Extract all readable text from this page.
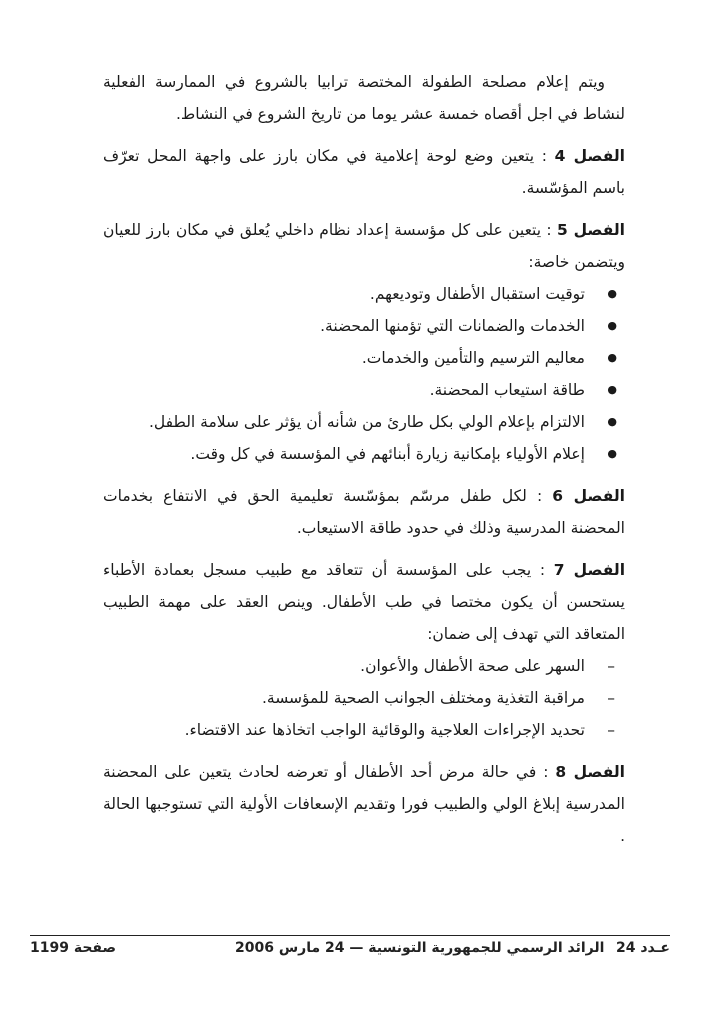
ويتم إعلام مصلحة الطفولة المختصة ترابيا بالشروع في الممارسة الفعلية لنشاط في اجل أقصاه خمسة عشر يوما من تاريخ الشروع في النشاط.

الفصل 4 : يتعين وضع لوحة إعلامية في مكان بارز على واجهة المحل تعرّف باسم المؤسّسة.

الفصل 5 : يتعين على كل مؤسسة إعداد نظام داخلي يُعلق في مكان بارز للعيان ويتضمن خاصة:

● توقيت استقبال الأطفال وتوديعهم.
● الخدمات والضمانات التي تؤمنها المحضنة.
● معاليم الترسيم والتأمين والخدمات.
● طاقة استيعاب المحضنة.
● الالتزام بإعلام الولي بكل طارئ من شأنه أن يؤثر على سلامة الطفل.
● إعلام الأولياء بإمكانية زيارة أبنائهم في المؤسسة في كل وقت.

الفصل 6 : لكل طفل مرسّم بمؤسّسة تعليمية الحق في الانتفاع بخدمات المحضنة المدرسية وذلك في حدود طاقة الاستيعاب.

الفصل 7 : يجب على المؤسسة أن تتعاقد مع طبيب مسجل بعمادة الأطباء يستحسن أن يكون مختصا في طب الأطفال. وينص العقد على مهمة الطبيب المتعاقد التي تهدف إلى ضمان:

– السهر على صحة الأطفال والأعوان.
– مراقبة التغذية ومختلف الجوانب الصحية للمؤسسة.
– تحديد الإجراءات العلاجية والوقائية الواجب اتخاذها عند الاقتضاء.

الفصل 8 : في حالة مرض أحد الأطفال أو تعرضه لحادث يتعين على المحضنة المدرسية إبلاغ الولي والطبيب فورا وتقديم الإسعافات الأولية التي تستوجبها الحالة .

صفحة 1199	الرائد الرسمي للجمهورية التونسية — 24 مارس 2006 عـدد 24
